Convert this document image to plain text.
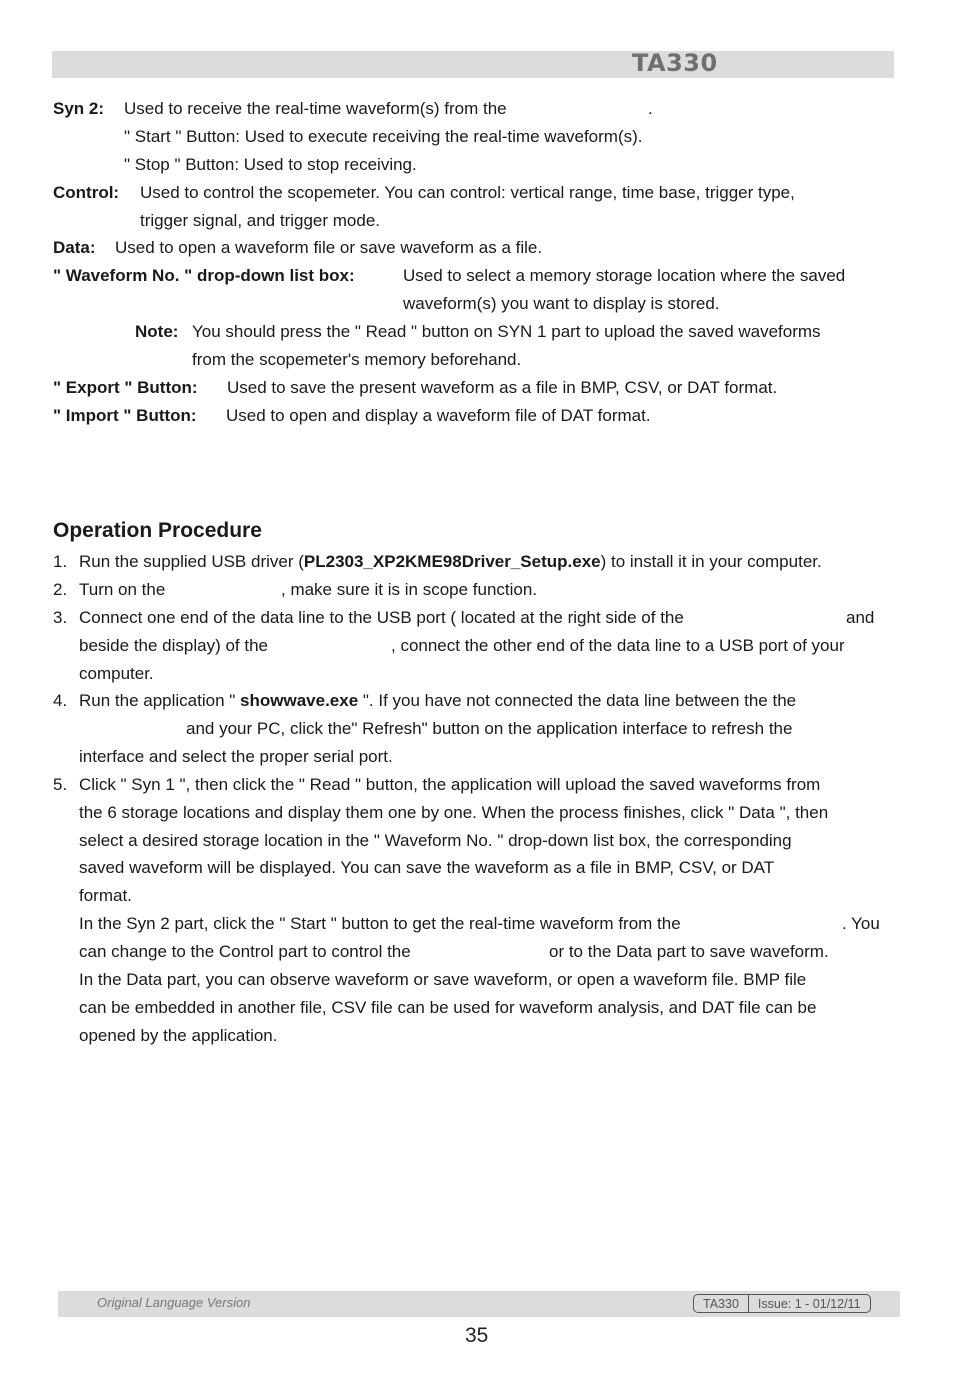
TA330
Syn 2: Used to receive the real-time waveform(s) from the	.
" Start " Button: Used to execute receiving the real-time waveform(s).
" Stop " Button: Used to stop receiving.
Control: Used to control the scopemeter. You can control: vertical range, time base, trigger type,
trigger signal, and trigger mode.
Data: Used to open a waveform file or save waveform as a file.
" Waveform No. " drop-down list box:	Used to select a memory storage location where the saved
waveform(s) you want to display is stored.
Note: You should press the " Read " button on SYN 1 part to upload the saved waveforms
from the scopemeter's memory beforehand.
" Export " Button: Used to save the present waveform as a file in BMP, CSV, or DAT format.
" Import " Button: Used to open and display a waveform file of DAT format.
Operation Procedure
1. Run the supplied USB driver (PL2303_XP2KME98Driver_Setup.exe) to install it in your computer.
2. Turn on the	, make sure it is in scope function.
3. Connect one end of the data line to the USB port ( located at the right side of the	and
beside the display) of the	, connect the other end of the data line to a USB port of your
computer.
4. Run the application " showwave.exe ". If you have not connected the data line between the the
and your PC, click the" Refresh" button on the application interface to refresh the
interface and select the proper serial port.
5. Click " Syn 1 ", then click the " Read " button, the application will upload the saved waveforms from
the 6 storage locations and display them one by one. When the process finishes, click " Data ", then
select a desired storage location in the " Waveform No. " drop-down list box, the corresponding
saved waveform will be displayed. You can save the waveform as a file in BMP, CSV, or DAT
format.
In the Syn 2 part, click the " Start " button to get the real-time waveform from the	. You
can change to the Control part to control the	or to the Data part to save waveform.
In the Data part, you can observe waveform or save waveform, or open a waveform file. BMP file
can be embedded in another file, CSV file can be used for waveform analysis, and DAT file can be
opened by the application.
Original Language Version	TA330	Issue: 1 - 01/12/11
35
